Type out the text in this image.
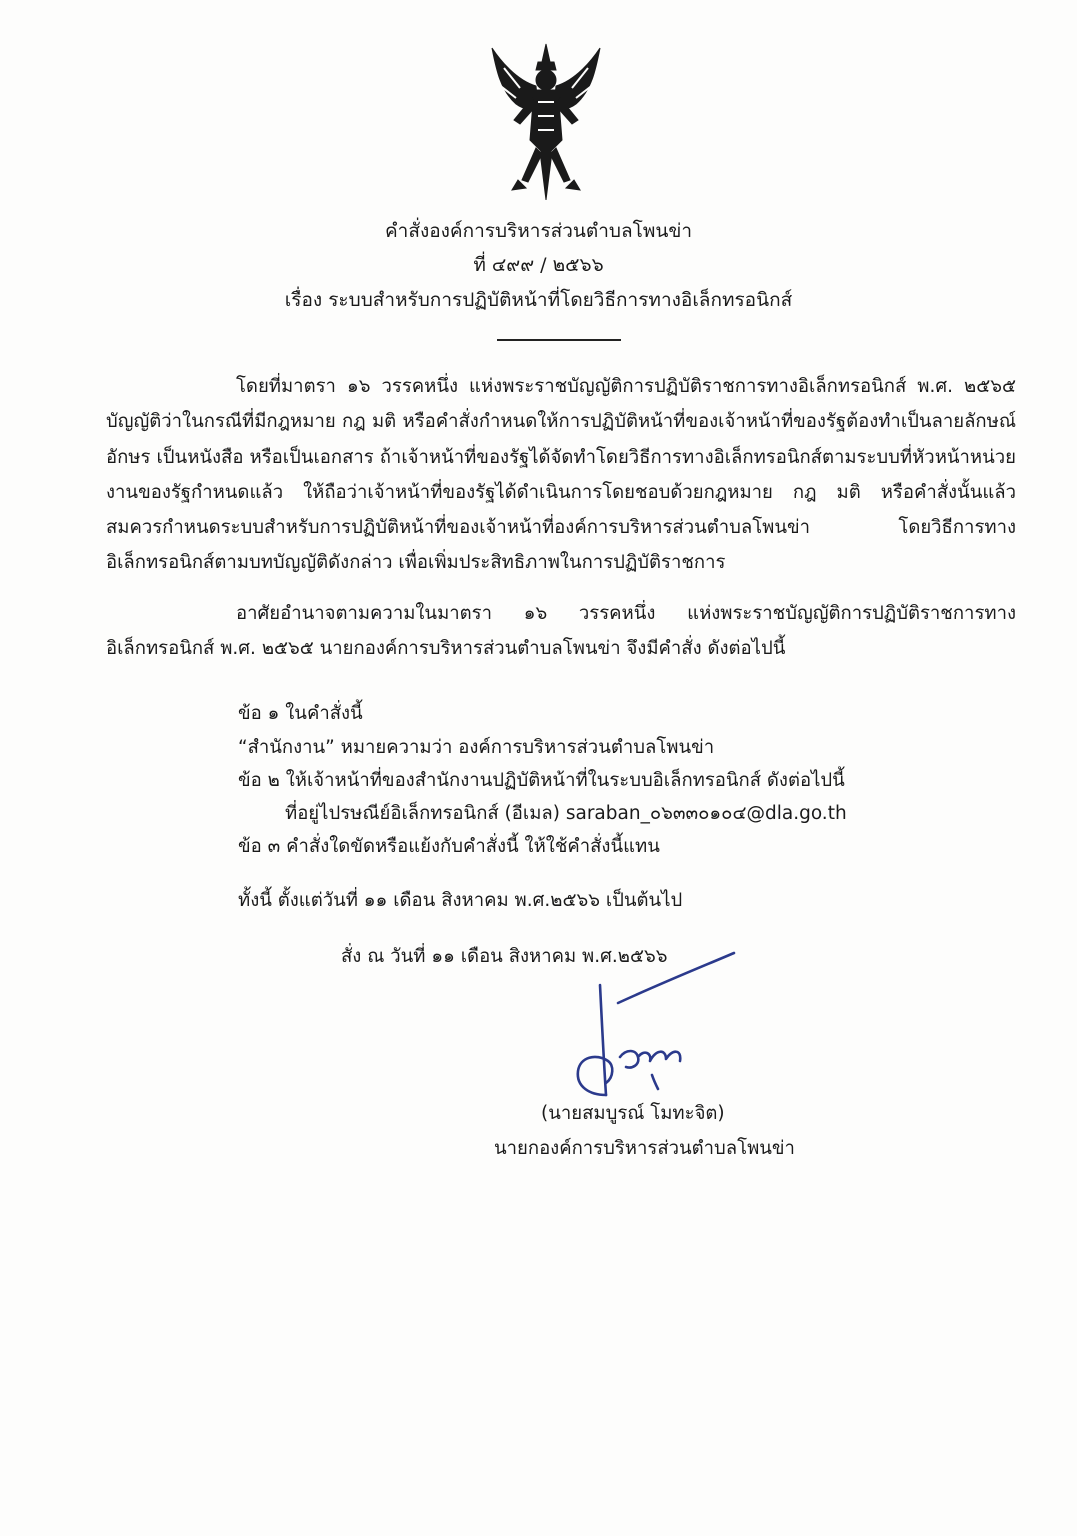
คำสั่งองค์การบริหารส่วนตำบลโพนข่า
ที่ ๔๙๙ / ๒๕๖๖
เรื่อง ระบบสำหรับการปฏิบัติหน้าที่โดยวิธีการทางอิเล็กทรอนิกส์
โดยที่มาตรา ๑๖ วรรคหนึ่ง แห่งพระราชบัญญัติการปฏิบัติราชการทางอิเล็กทรอนิกส์ พ.ศ. ๒๕๖๕ บัญญัติว่าในกรณีที่มีกฎหมาย กฎ มติ หรือคำสั่งกำหนดให้การปฏิบัติหน้าที่ของเจ้าหน้าที่ของรัฐต้องทำเป็นลายลักษณ์อักษร เป็นหนังสือ หรือเป็นเอกสาร ถ้าเจ้าหน้าที่ของรัฐได้จัดทำโดยวิธีการทางอิเล็กทรอนิกส์ตามระบบที่หัวหน้าหน่วยงานของรัฐกำหนดแล้ว ให้ถือว่าเจ้าหน้าที่ของรัฐได้ดำเนินการโดยชอบด้วยกฎหมาย กฎ มติ หรือคำสั่งนั้นแล้ว สมควรกำหนดระบบสำหรับการปฏิบัติหน้าที่ของเจ้าหน้าที่องค์การบริหารส่วนตำบลโพนข่า โดยวิธีการทางอิเล็กทรอนิกส์ตามบทบัญญัติดังกล่าว เพื่อเพิ่มประสิทธิภาพในการปฏิบัติราชการ
อาศัยอำนาจตามความในมาตรา ๑๖ วรรคหนึ่ง แห่งพระราชบัญญัติการปฏิบัติราชการทางอิเล็กทรอนิกส์ พ.ศ. ๒๕๖๕ นายกองค์การบริหารส่วนตำบลโพนข่า จึงมีคำสั่ง ดังต่อไปนี้
ข้อ ๑ ในคำสั่งนี้
“สำนักงาน” หมายความว่า องค์การบริหารส่วนตำบลโพนข่า
ข้อ ๒ ให้เจ้าหน้าที่ของสำนักงานปฏิบัติหน้าที่ในระบบอิเล็กทรอนิกส์ ดังต่อไปนี้
ที่อยู่ไปรษณีย์อิเล็กทรอนิกส์ (อีเมล) saraban_๐๖๓๓๐๑๐๔@dla.go.th
ข้อ ๓ คำสั่งใดขัดหรือแย้งกับคำสั่งนี้ ให้ใช้คำสั่งนี้แทน
ทั้งนี้ ตั้งแต่วันที่ ๑๑ เดือน สิงหาคม พ.ศ.๒๕๖๖ เป็นต้นไป
สั่ง ณ วันที่ ๑๑ เดือน สิงหาคม พ.ศ.๒๕๖๖
(นายสมบูรณ์ โมทะจิต)
นายกองค์การบริหารส่วนตำบลโพนข่า
